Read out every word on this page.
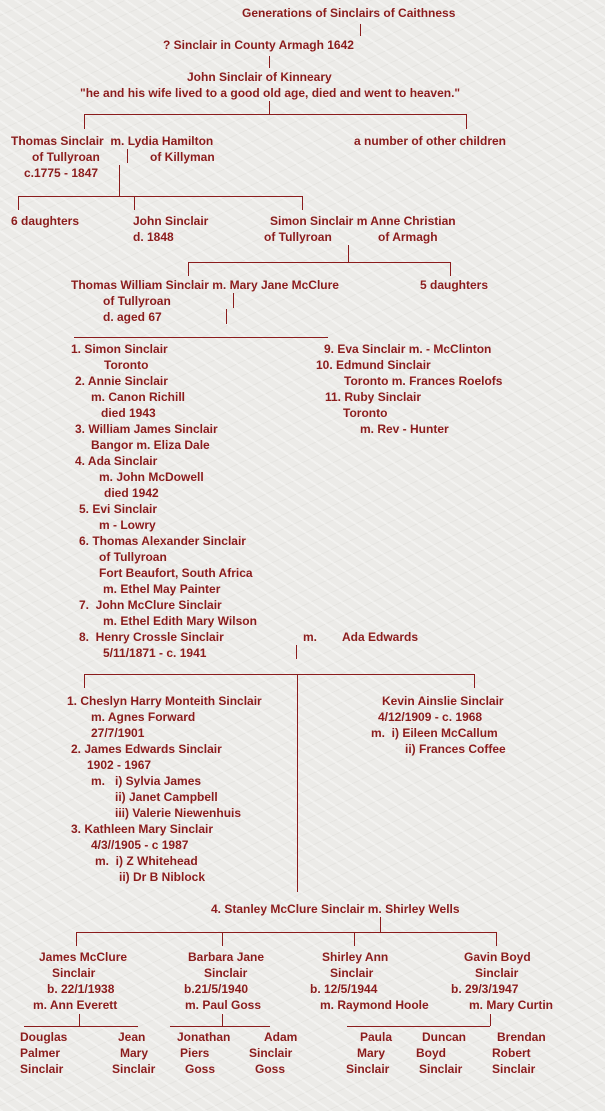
Generations of Sinclairs of Caithness
? Sinclair in County Armagh 1642
John Sinclair of Kinneary
"he and his wife lived to a good old age, died and went to heaven."
Thomas Sinclair  m. Lydia Hamilton
of Tullyroan	of Killyman
c.1775 - 1847
a number of other children
6 daughters	John Sinclair
d. 1848
Simon Sinclair m Anne Christian
of Tullyroan	of Armagh
Thomas William Sinclair m. Mary Jane McClure	5 daughters
of Tullyroan
d. aged 67
1. Simon Sinclair
Toronto
2. Annie Sinclair
m. Canon Richill
died 1943
3. William James Sinclair
Bangor m. Eliza Dale
4. Ada Sinclair
m. John McDowell
died 1942
5. Evi Sinclair
m - Lowry
6. Thomas Alexander Sinclair
of Tullyroan
Fort Beaufort, South Africa
m. Ethel May Painter
7.  John McClure Sinclair
m. Ethel Edith Mary Wilson
8.  Henry Crossle Sinclair	m. Ada Edwards
5/11/1871 - c. 1941
9. Eva Sinclair m. - McClinton
10. Edmund Sinclair
Toronto m. Frances Roelofs
11. Ruby Sinclair
Toronto
m. Rev - Hunter
1. Cheslyn Harry Monteith Sinclair
m. Agnes Forward
27/7/1901
2. James Edwards Sinclair
1902 - 1967
m.   i) Sylvia James
ii) Janet Campbell
iii) Valerie Niewenhuis
3. Kathleen Mary Sinclair
4/3//1905 - c 1987
m.  i) Z Whitehead
ii) Dr B Niblock
Kevin Ainslie Sinclair
4/12/1909 - c. 1968
m.  i) Eileen McCallum
ii) Frances Coffee
4. Stanley McClure Sinclair m. Shirley Wells
James McClure
Sinclair
b. 22/1/1938
m. Ann Everett
Barbara Jane
Sinclair
b.21/5/1940
m. Paul Goss
Shirley Ann
Sinclair
b. 12/5/1944
m. Raymond Hoole
Gavin Boyd
Sinclair
b. 29/3/1947
m. Mary Curtin
Douglas
Palmer
Sinclair
Jean
Mary
Sinclair
Jonathan
Piers
Goss
Adam
Sinclair
Goss
Paula
Mary
Sinclair
Duncan
Boyd
Sinclair
Brendan
Robert
Sinclair
